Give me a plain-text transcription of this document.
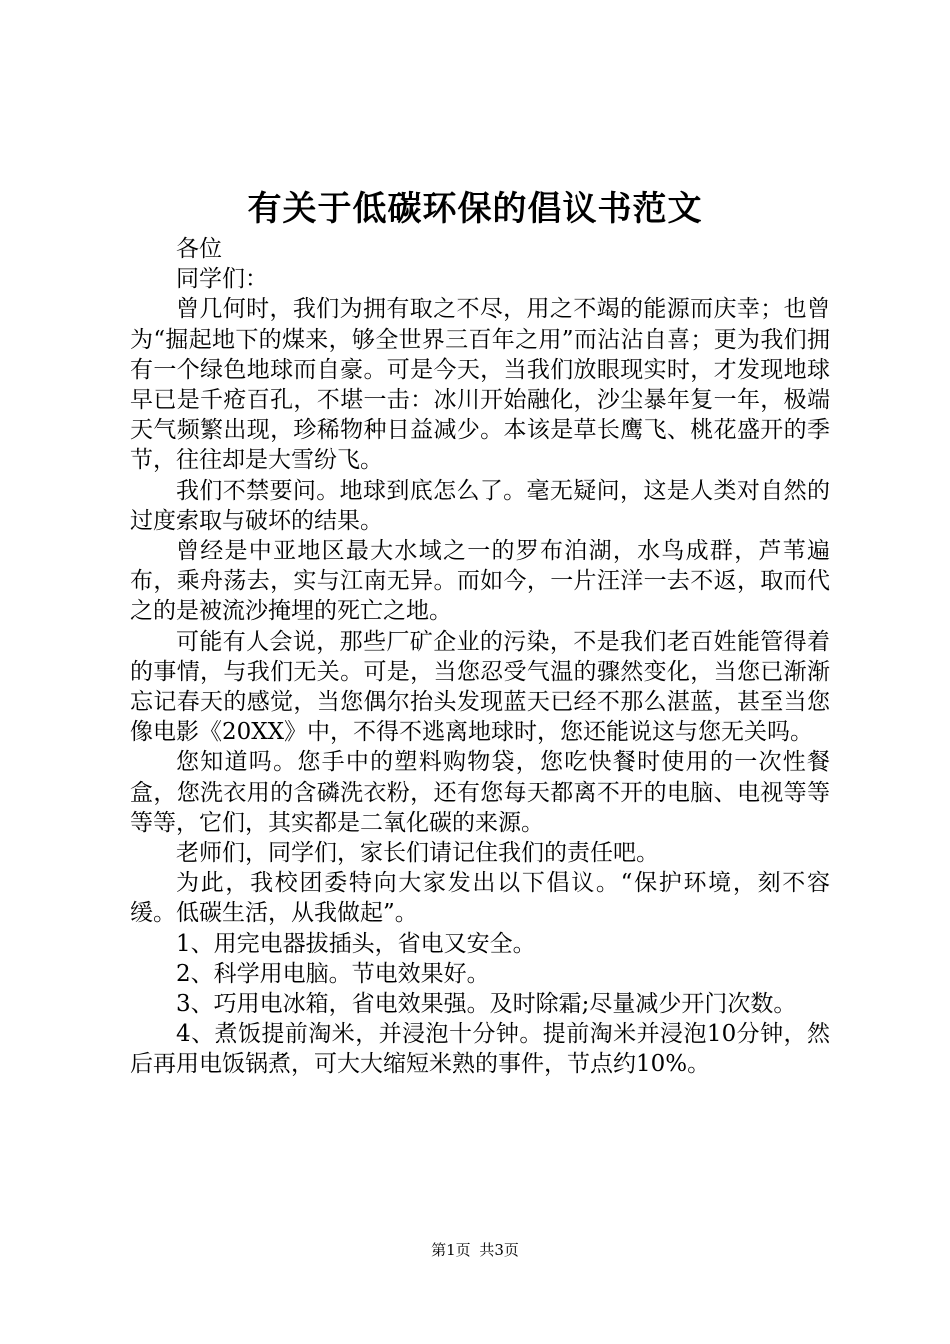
有关于低碳环保的倡议书范文

各位

同学们：

曾几何时，我们为拥有取之不尽，用之不竭的能源而庆幸；也曾为“掘起地下的煤来，够全世界三百年之用”而沾沾自喜；更为我们拥有一个绿色地球而自豪。可是今天，当我们放眼现实时，才发现地球早已是千疮百孔，不堪一击：冰川开始融化，沙尘暴年复一年，极端天气频繁出现，珍稀物种日益减少。本该是草长鹰飞、桃花盛开的季节，往往却是大雪纷飞。

我们不禁要问。地球到底怎么了。毫无疑问，这是人类对自然的过度索取与破坏的结果。

曾经是中亚地区最大水域之一的罗布泊湖，水鸟成群，芦苇遍布，乘舟荡去，实与江南无异。而如今，一片汪洋一去不返，取而代之的是被流沙掩埋的死亡之地。

可能有人会说，那些厂矿企业的污染，不是我们老百姓能管得着的事情，与我们无关。可是，当您忍受气温的骤然变化，当您已渐渐忘记春天的感觉，当您偶尔抬头发现蓝天已经不那么湛蓝，甚至当您像电影《20XX》中，不得不逃离地球时，您还能说这与您无关吗。

您知道吗。您手中的塑料购物袋，您吃快餐时使用的一次性餐盒，您洗衣用的含磷洗衣粉，还有您每天都离不开的电脑、电视等等等等，它们，其实都是二氧化碳的来源。

老师们，同学们，家长们请记住我们的责任吧。

为此，我校团委特向大家发出以下倡议。“保护环境，刻不容缓。低碳生活，从我做起”。

1、用完电器拔插头，省电又安全。

2、科学用电脑。节电效果好。

3、巧用电冰箱，省电效果强。及时除霜;尽量减少开门次数。

4、煮饭提前淘米，并浸泡十分钟。提前淘米并浸泡10分钟，然后再用电饭锅煮，可大大缩短米熟的事件，节点约10%。

第1页 共3页
